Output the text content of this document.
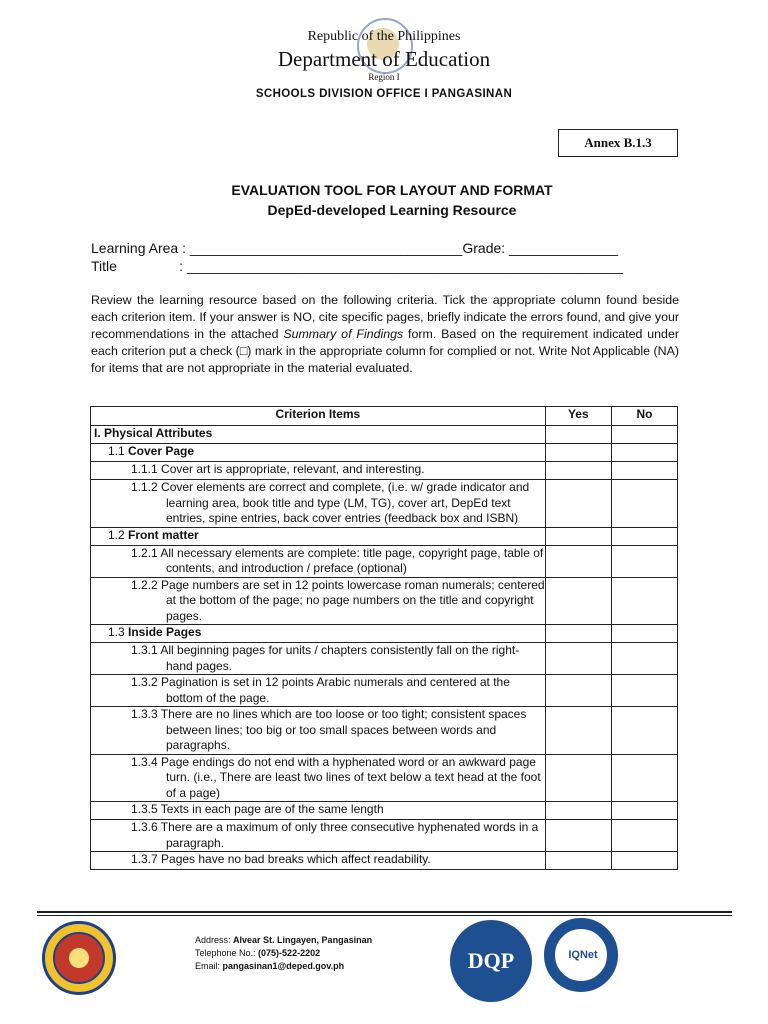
Republic of the Philippines
Department of Education
Region I
SCHOOLS DIVISION OFFICE I PANGASINAN
Annex B.1.3
EVALUATION TOOL FOR LAYOUT AND FORMAT
DepEd-developed Learning Resource
Learning Area : ___________________________________Grade: ______________
Title                : ________________________________________________________
Review the learning resource based on the following criteria. Tick the appropriate column found beside each criterion item. If your answer is NO, cite specific pages, briefly indicate the errors found, and give your recommendations in the attached Summary of Findings form. Based on the requirement indicated under each criterion put a check (□) mark in the appropriate column for complied or not. Write Not Applicable (NA) for items that are not appropriate in the material evaluated.
Criterion Items	Yes	No
I. Physical Attributes		
1.1 Cover Page		
1.1.1 Cover art is appropriate, relevant, and interesting.		
1.1.2 Cover elements are correct and complete, (i.e. w/ grade indicator and learning area, book title and type (LM, TG), cover art, DepEd text entries, spine entries, back cover entries (feedback box and ISBN)		
1.2 Front matter		
1.2.1 All necessary elements are complete: title page, copyright page, table of contents, and introduction / preface (optional)		
1.2.2 Page numbers are set in 12 points lowercase roman numerals; centered at the bottom of the page; no page numbers on the title and copyright pages.		
1.3 Inside Pages		
1.3.1 All beginning pages for units / chapters consistently fall on the right-hand pages.		
1.3.2 Pagination is set in 12 points Arabic numerals and centered at the bottom of the page.		
1.3.3 There are no lines which are too loose or too tight; consistent spaces between lines; too big or too small spaces between words and paragraphs.		
1.3.4 Page endings do not end with a hyphenated word or an awkward page turn. (i.e., There are least two lines of text below a text head at the foot of a page)		
1.3.5 Texts in each page are of the same length		
1.3.6 There are a maximum of only three consecutive hyphenated words in a paragraph.		
1.3.7 Pages have no bad breaks which affect readability.		
Address: Alvear St. Lingayen, Pangasinan
Telephone No.: (075)-522-2202
Email: pangasinan1@deped.gov.ph	DQP	IQNet
